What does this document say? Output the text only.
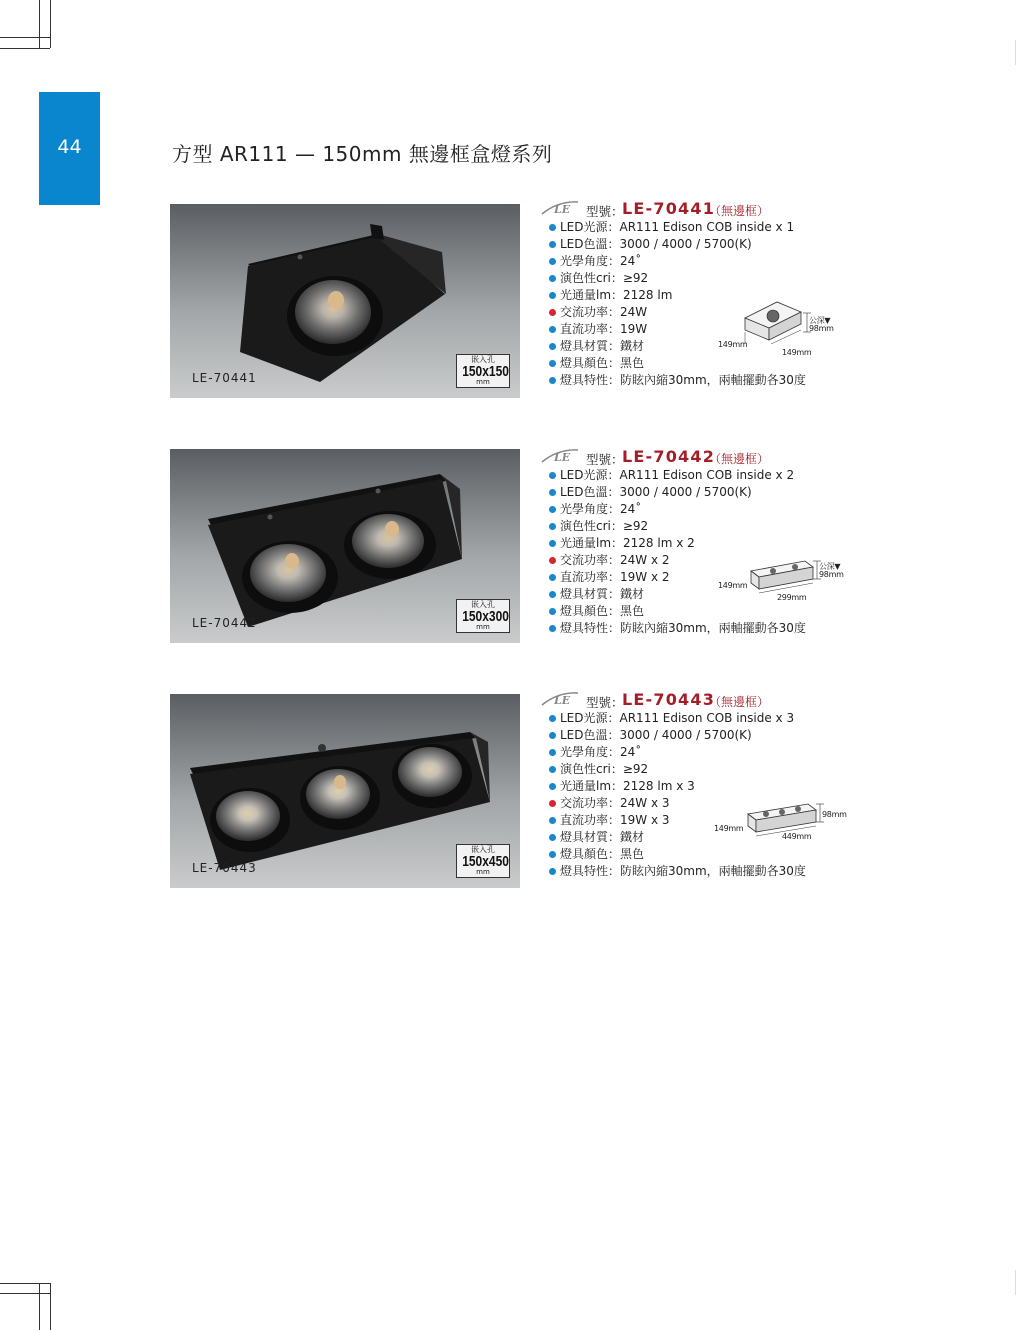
44	方型 AR111 — 150mm 無邊框盒燈系列
LE-70441
嵌入孔
150x150
mm
LE 型號：
LE-70441
（無邊框）
LED光源：AR111 Edison COB inside x 1
LED色溫：3000 / 4000 / 5700(K)
光學角度：24˚
演色性cri：≥92
光通量lm：2128 lm
交流功率：24W
直流功率：19W
燈具材質：鐵材
燈具顏色：黑色
燈具特性：防眩內縮30mm，兩軸擺動各30度
公深▼
98mm
149mm
149mm
LE-70442
嵌入孔
150x300
mm
LE 型號：
LE-70442
（無邊框）
LED光源：AR111 Edison COB inside x 2
LED色溫：3000 / 4000 / 5700(K)
光學角度：24˚
演色性cri：≥92
光通量lm：2128 lm x 2
交流功率：24W x 2
直流功率：19W x 2
燈具材質：鐵材
燈具顏色：黑色
燈具特性：防眩內縮30mm，兩軸擺動各30度
公深▼
98mm
149mm
299mm
LE-70443
嵌入孔
150x450
mm
LE 型號：
LE-70443
（無邊框）
LED光源：AR111 Edison COB inside x 3
LED色溫：3000 / 4000 / 5700(K)
光學角度：24˚
演色性cri：≥92
光通量lm：2128 lm x 3
交流功率：24W x 3
直流功率：19W x 3
燈具材質：鐵材
燈具顏色：黑色
燈具特性：防眩內縮30mm，兩軸擺動各30度
98mm
149mm
449mm
